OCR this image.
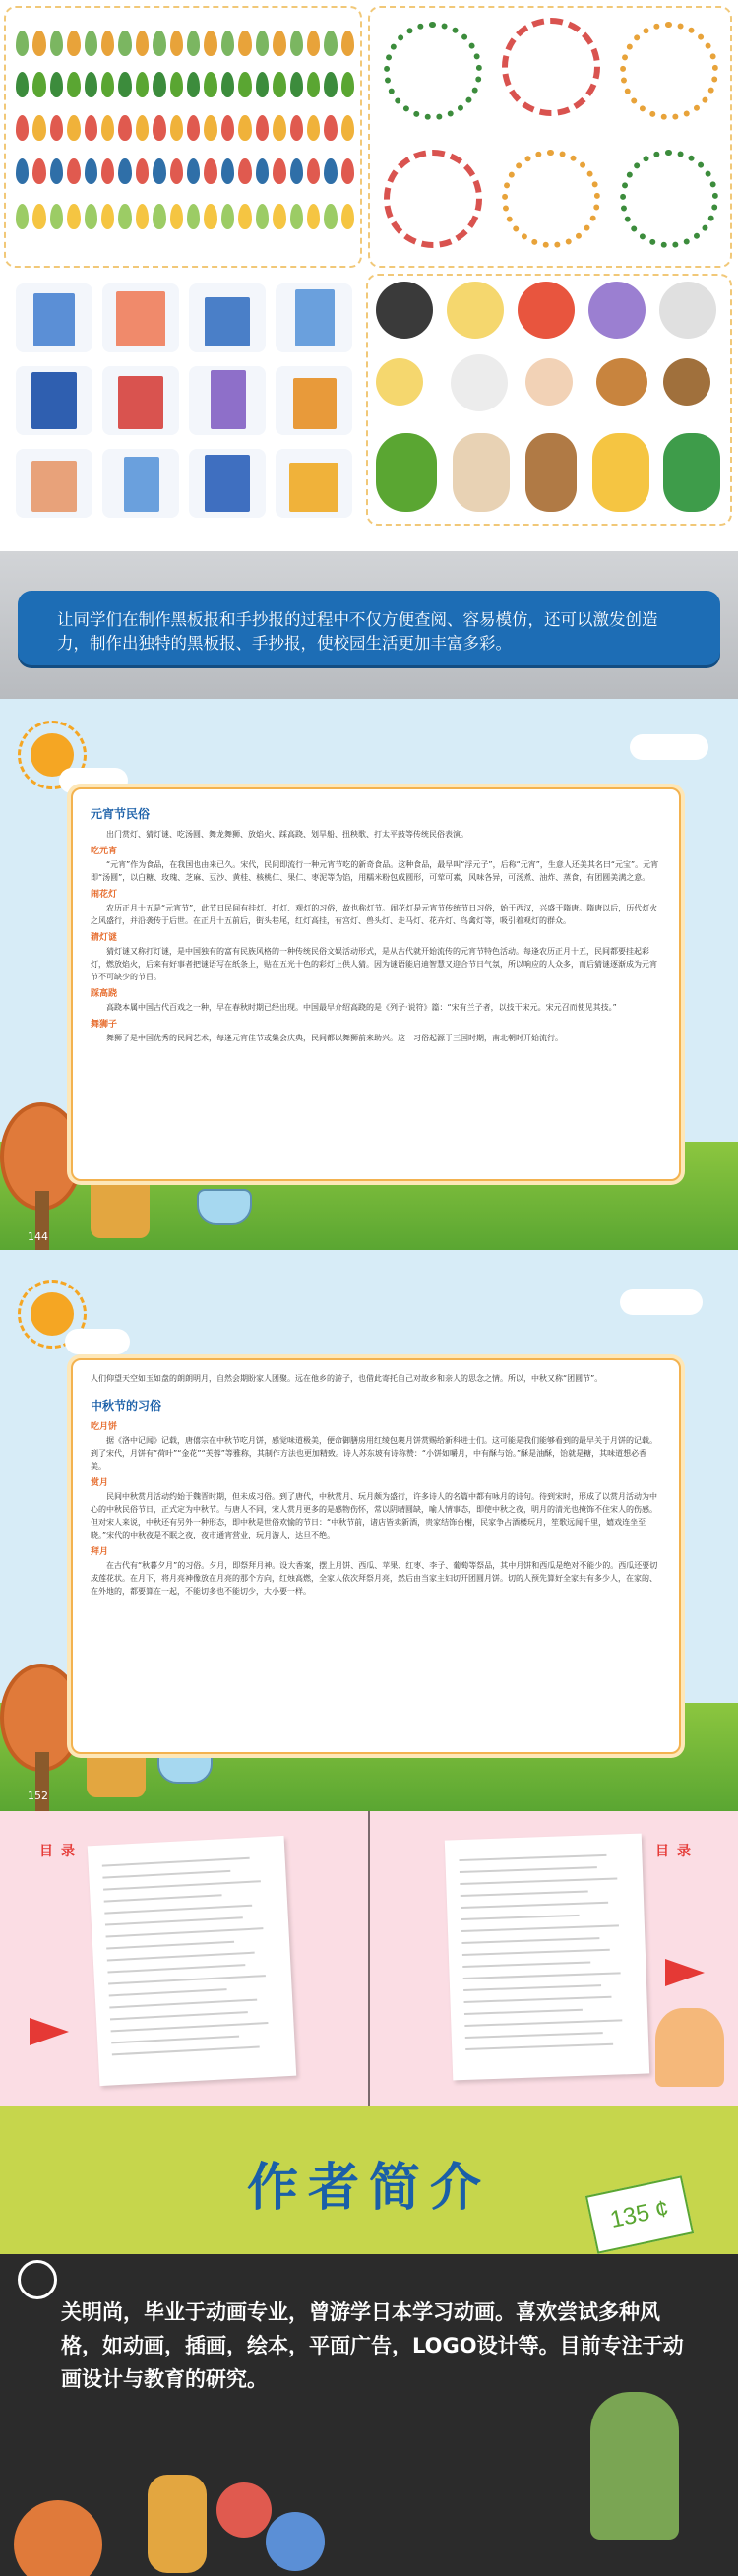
让同学们在制作黑板报和手抄报的过程中不仅方便查阅、容易模仿，还可以激发创造力，制作出独特的黑板报、手抄报，使校园生活更加丰富多彩。

144
元宵节民俗

出门赏灯、猜灯谜、吃汤圆、舞龙舞狮、放焰火、踩高跷、划旱船、扭秧歌、打太平鼓等传统民俗表演。

吃元宵

“元宵”作为食品，在我国也由来已久。宋代，民间即流行一种元宵节吃的新奇食品。这种食品，最早叫“浮元子”，后称“元宵”，生意人还美其名曰“元宝”。元宵即“汤圆”，以白糖、玫瑰、芝麻、豆沙、黄桂、核桃仁、果仁、枣泥等为馅，用糯米粉包成圆形，可荤可素，风味各异，可汤煮、油炸、蒸食，有团圆美满之意。

闹花灯

农历正月十五是“元宵节”，此节日民间有挂灯、打灯、观灯的习俗，故也称灯节。闹花灯是元宵节传统节日习俗，始于西汉，兴盛于隋唐。隋唐以后，历代灯火之风盛行，并沿袭传于后世。在正月十五前后，街头巷尾，红灯高挂，有宫灯、兽头灯、走马灯、花卉灯、鸟禽灯等，吸引着观灯的群众。

猜灯谜

猜灯谜又称打灯谜，是中国独有的富有民族风格的一种传统民俗文娱活动形式，是从古代就开始流传的元宵节特色活动。每逢农历正月十五，民间都要挂起彩灯，燃放焰火，后来有好事者把谜语写在纸条上，贴在五光十色的彩灯上供人猜。因为谜语能启迪智慧又迎合节日气氛，所以响应的人众多，而后猜谜逐渐成为元宵节不可缺少的节目。

踩高跷

高跷本属中国古代百戏之一种，早在春秋时期已经出现。中国最早介绍高跷的是《列子·说符》篇：“宋有兰子者，以技干宋元。宋元召而使见其技。”

舞狮子

舞狮子是中国优秀的民间艺术，每逢元宵佳节或集会庆典，民间都以舞狮前来助兴。这一习俗起源于三国时期，南北朝时开始流行。

152

人们仰望天空如玉如盘的朗朗明月，自然会期盼家人团聚。远在他乡的游子，也借此寄托自己对故乡和亲人的思念之情。所以，中秋又称“团圆节”。

中秋节的习俗
吃月饼

据《洛中记闻》记载，唐僖宗在中秋节吃月饼，感觉味道极美，便命御膳房用红绫包裹月饼赏赐给新科进士们。这可能是我们能够看到的最早关于月饼的记载。到了宋代，月饼有“荷叶”“金花”“芙蓉”等雅称，其制作方法也更加精致。诗人苏东坡有诗称赞：“小饼如嚼月，中有酥与饴。”酥是油酥，饴就是糖，其味道想必香美。

赏月

民间中秋赏月活动约始于魏晋时期，但未成习俗。到了唐代，中秋赏月、玩月颇为盛行，许多诗人的名篇中都有咏月的诗句。待到宋时，形成了以赏月活动为中心的中秋民俗节日，正式定为中秋节。与唐人不同，宋人赏月更多的是感物伤怀，常以阴晴圆缺，喻人情事态，即使中秋之夜，明月的清光也掩饰不住宋人的伤感。但对宋人来说，中秋还有另外一种形态，即中秋是世俗欢愉的节日：“中秋节前，诸店皆卖新酒，贵家结饰台榭，民家争占酒楼玩月，笙歌远闻千里，嬉戏连坐至晓。”宋代的中秋夜是不眠之夜，夜市通宵营业，玩月游人，达旦不绝。

拜月

在古代有“秋暮夕月”的习俗。夕月，即祭拜月神。设大香案，摆上月饼、西瓜、苹果、红枣、李子、葡萄等祭品，其中月饼和西瓜是绝对不能少的。西瓜还要切成莲花状。在月下，将月亮神像放在月亮的那个方向，红烛高燃，全家人依次拜祭月亮，然后由当家主妇切开团圆月饼。切的人预先算好全家共有多少人，在家的、在外地的，都要算在一起，不能切多也不能切少，大小要一样。

目录	目录
作者简介	135 ¢

关明尚，毕业于动画专业，曾游学日本学习动画。喜欢尝试多种风格，如动画，插画，绘本，平面广告，LOGO设计等。目前专注于动画设计与教育的研究。
